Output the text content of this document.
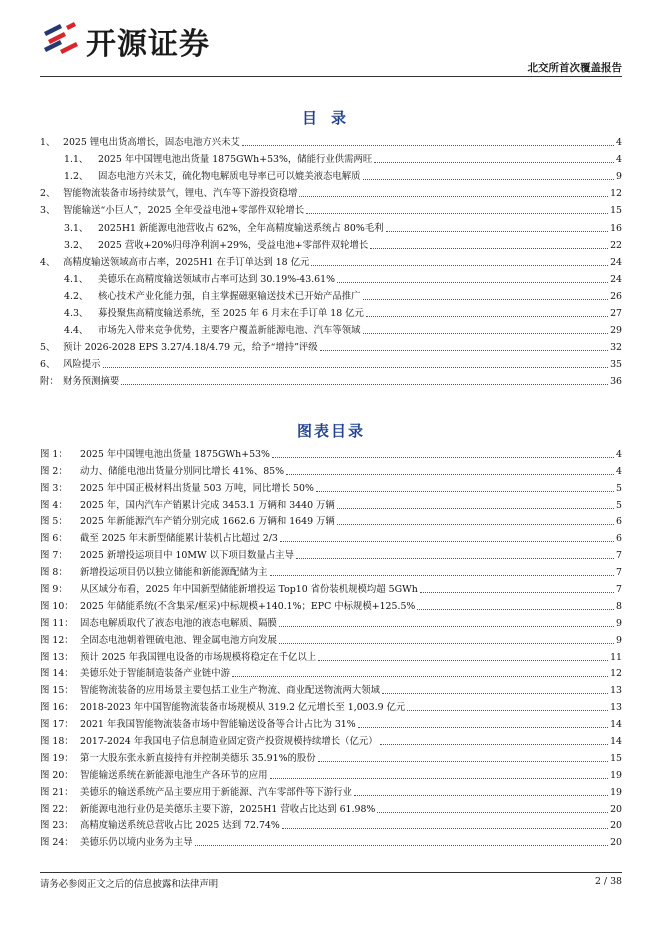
开源证券
北交所首次覆盖报告
目录
1、 2025 锂电出货高增长，固态电池方兴未艾	4
1.1、	2025 年中国锂电池出货量 1875GWh+53%，储能行业供需两旺	4
1.2、	固态电池方兴未艾，硫化物电解质电导率已可以媲美液态电解质	9
2、 智能物流装备市场持续景气，锂电、汽车等下游投资稳增	12
3、 智能输送“小巨人”，2025 全年受益电池+零部件双轮增长	15
3.1、	2025H1 新能源电池营收占 62%，全年高精度输送系统占 80%毛利	16
3.2、	2025 营收+20%归母净利润+29%，受益电池+零部件双轮增长	22
4、 高精度输送领域高市占率，2025H1 在手订单达到 18 亿元	24
4.1、	美德乐在高精度输送领域市占率可达到 30.19%-43.61%	24
4.2、	核心技术产业化能力强，自主掌握磁驱输送技术已开始产品推广	26
4.3、	募投聚焦高精度输送系统，至 2025 年 6 月末在手订单 18 亿元	27
4.4、	市场先入带来竞争优势，主要客户覆盖新能源电池、汽车等领域	29
5、 预计 2026-2028 EPS 3.27/4.18/4.79 元，给予“增持”评级	32
6、 风险提示	35
附： 财务预测摘要	36
图表目录
图 1：	2025 年中国锂电池出货量 1875GWh+53%	4
图 2：	动力、储能电池出货量分别同比增长 41%、85%	4
图 3：	2025 年中国正极材料出货量 503 万吨，同比增长 50%	5
图 4：	2025 年，国内汽车产销累计完成 3453.1 万辆和 3440 万辆	5
图 5：	2025 年新能源汽车产销分别完成 1662.6 万辆和 1649 万辆	6
图 6：	截至 2025 年末新型储能累计装机占比超过 2/3	6
图 7：	2025 新增投运项目中 10MW 以下项目数量占主导	7
图 8：	新增投运项目仍以独立储能和新能源配储为主	7
图 9：	从区域分布看，2025 年中国新型储能新增投运 Top10 省份装机规模均超 5GWh	7
图 10： 2025 年储能系统(不含集采/框采)中标规模+140.1%；EPC 中标规模+125.5%	8
图 11： 固态电解质取代了液态电池的液态电解质、隔膜	9
图 12： 全固态电池朝着锂硫电池、锂金属电池方向发展	9
图 13： 预计 2025 年我国锂电设备的市场规模将稳定在千亿以上	11
图 14： 美德乐处于智能制造装备产业链中游	12
图 15： 智能物流装备的应用场景主要包括工业生产物流、商业配送物流两大领域	13
图 16： 2018-2023 年中国智能物流装备市场规模从 319.2 亿元增长至 1,003.9 亿元	13
图 17： 2021 年我国智能物流装备市场中智能输送设备等合计占比为 31%	14
图 18： 2017-2024 年我国电子信息制造业固定资产投资规模持续增长（亿元）	14
图 19： 第一大股东张永新直接持有并控制美德乐 35.91%的股份	15
图 20： 智能输送系统在新能源电池生产各环节的应用	19
图 21： 美德乐的输送系统产品主要应用于新能源、汽车零部件等下游行业	19
图 22： 新能源电池行业仍是美德乐主要下游，2025H1 营收占比达到 61.98%	20
图 23： 高精度输送系统总营收占比 2025 达到 72.74%	20
图 24： 美德乐仍以境内业务为主导	20
请务必参阅正文之后的信息披露和法律声明	2 / 38
